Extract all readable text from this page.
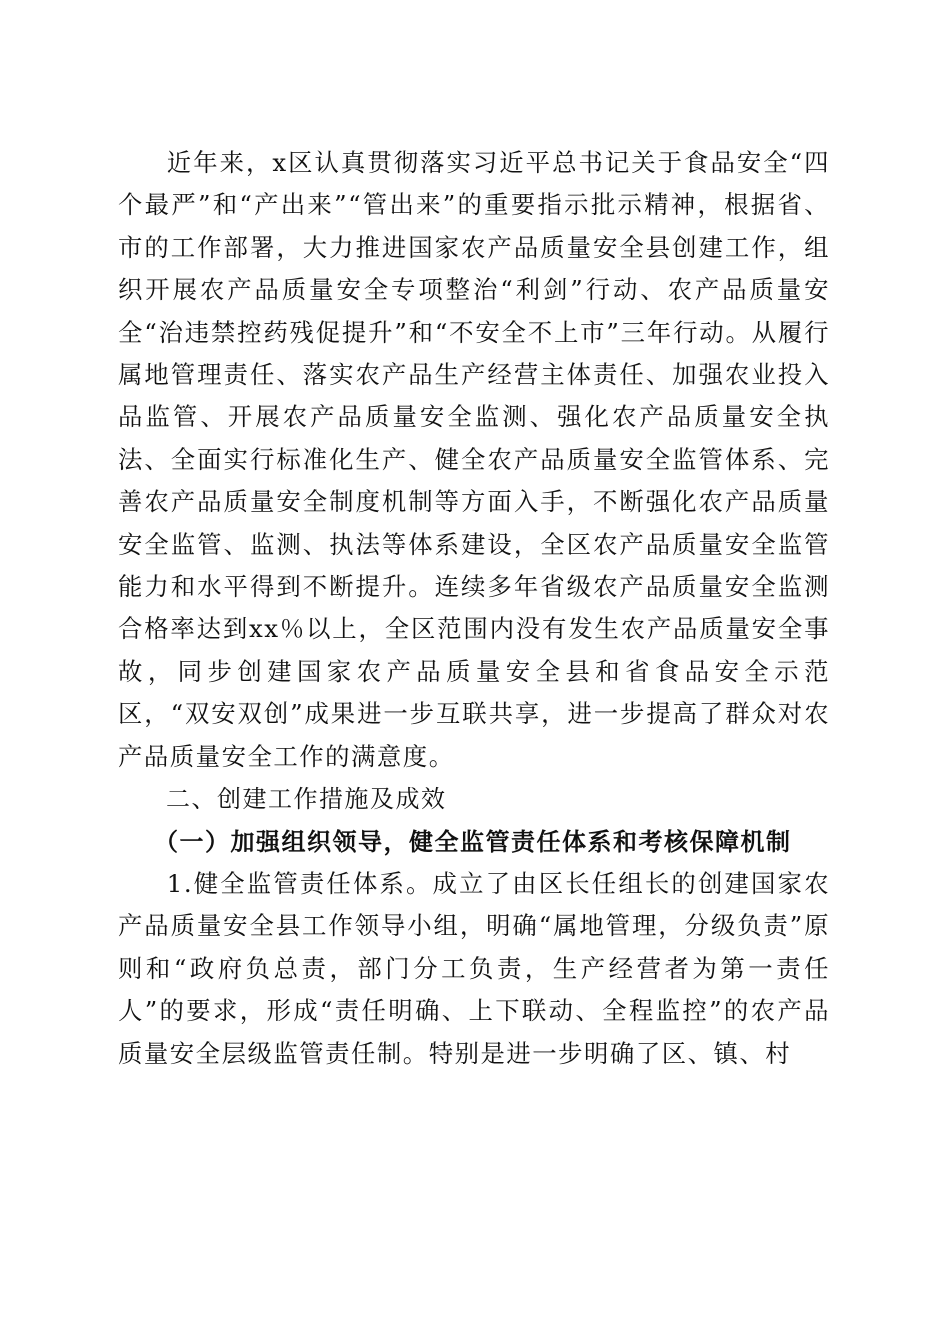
近年来，x区认真贯彻落实习近平总书记关于食品安全“四个最严”和“产出来”“管出来”的重要指示批示精神，根据省、市的工作部署，大力推进国家农产品质量安全县创建工作，组织开展农产品质量安全专项整治“利剑”行动、农产品质量安全“治违禁控药残促提升”和“不安全不上市”三年行动。从履行属地管理责任、落实农产品生产经营主体责任、加强农业投入品监管、开展农产品质量安全监测、强化农产品质量安全执法、全面实行标准化生产、健全农产品质量安全监管体系、完善农产品质量安全制度机制等方面入手，不断强化农产品质量安全监管、监测、执法等体系建设，全区农产品质量安全监管能力和水平得到不断提升。连续多年省级农产品质量安全监测合格率达到xx％以上，全区范围内没有发生农产品质量安全事故，同步创建国家农产品质量安全县和省食品安全示范区，“双安双创”成果进一步互联共享，进一步提高了群众对农产品质量安全工作的满意度。

二、创建工作措施及成效
（一）加强组织领导，健全监管责任体系和考核保障机制

1.健全监管责任体系。成立了由区长任组长的创建国家农产品质量安全县工作领导小组，明确“属地管理，分级负责”原则和“政府负总责，部门分工负责，生产经营者为第一责任人”的要求，形成“责任明确、上下联动、全程监控”的农产品质量安全层级监管责任制。特别是进一步明确了区、镇、村
